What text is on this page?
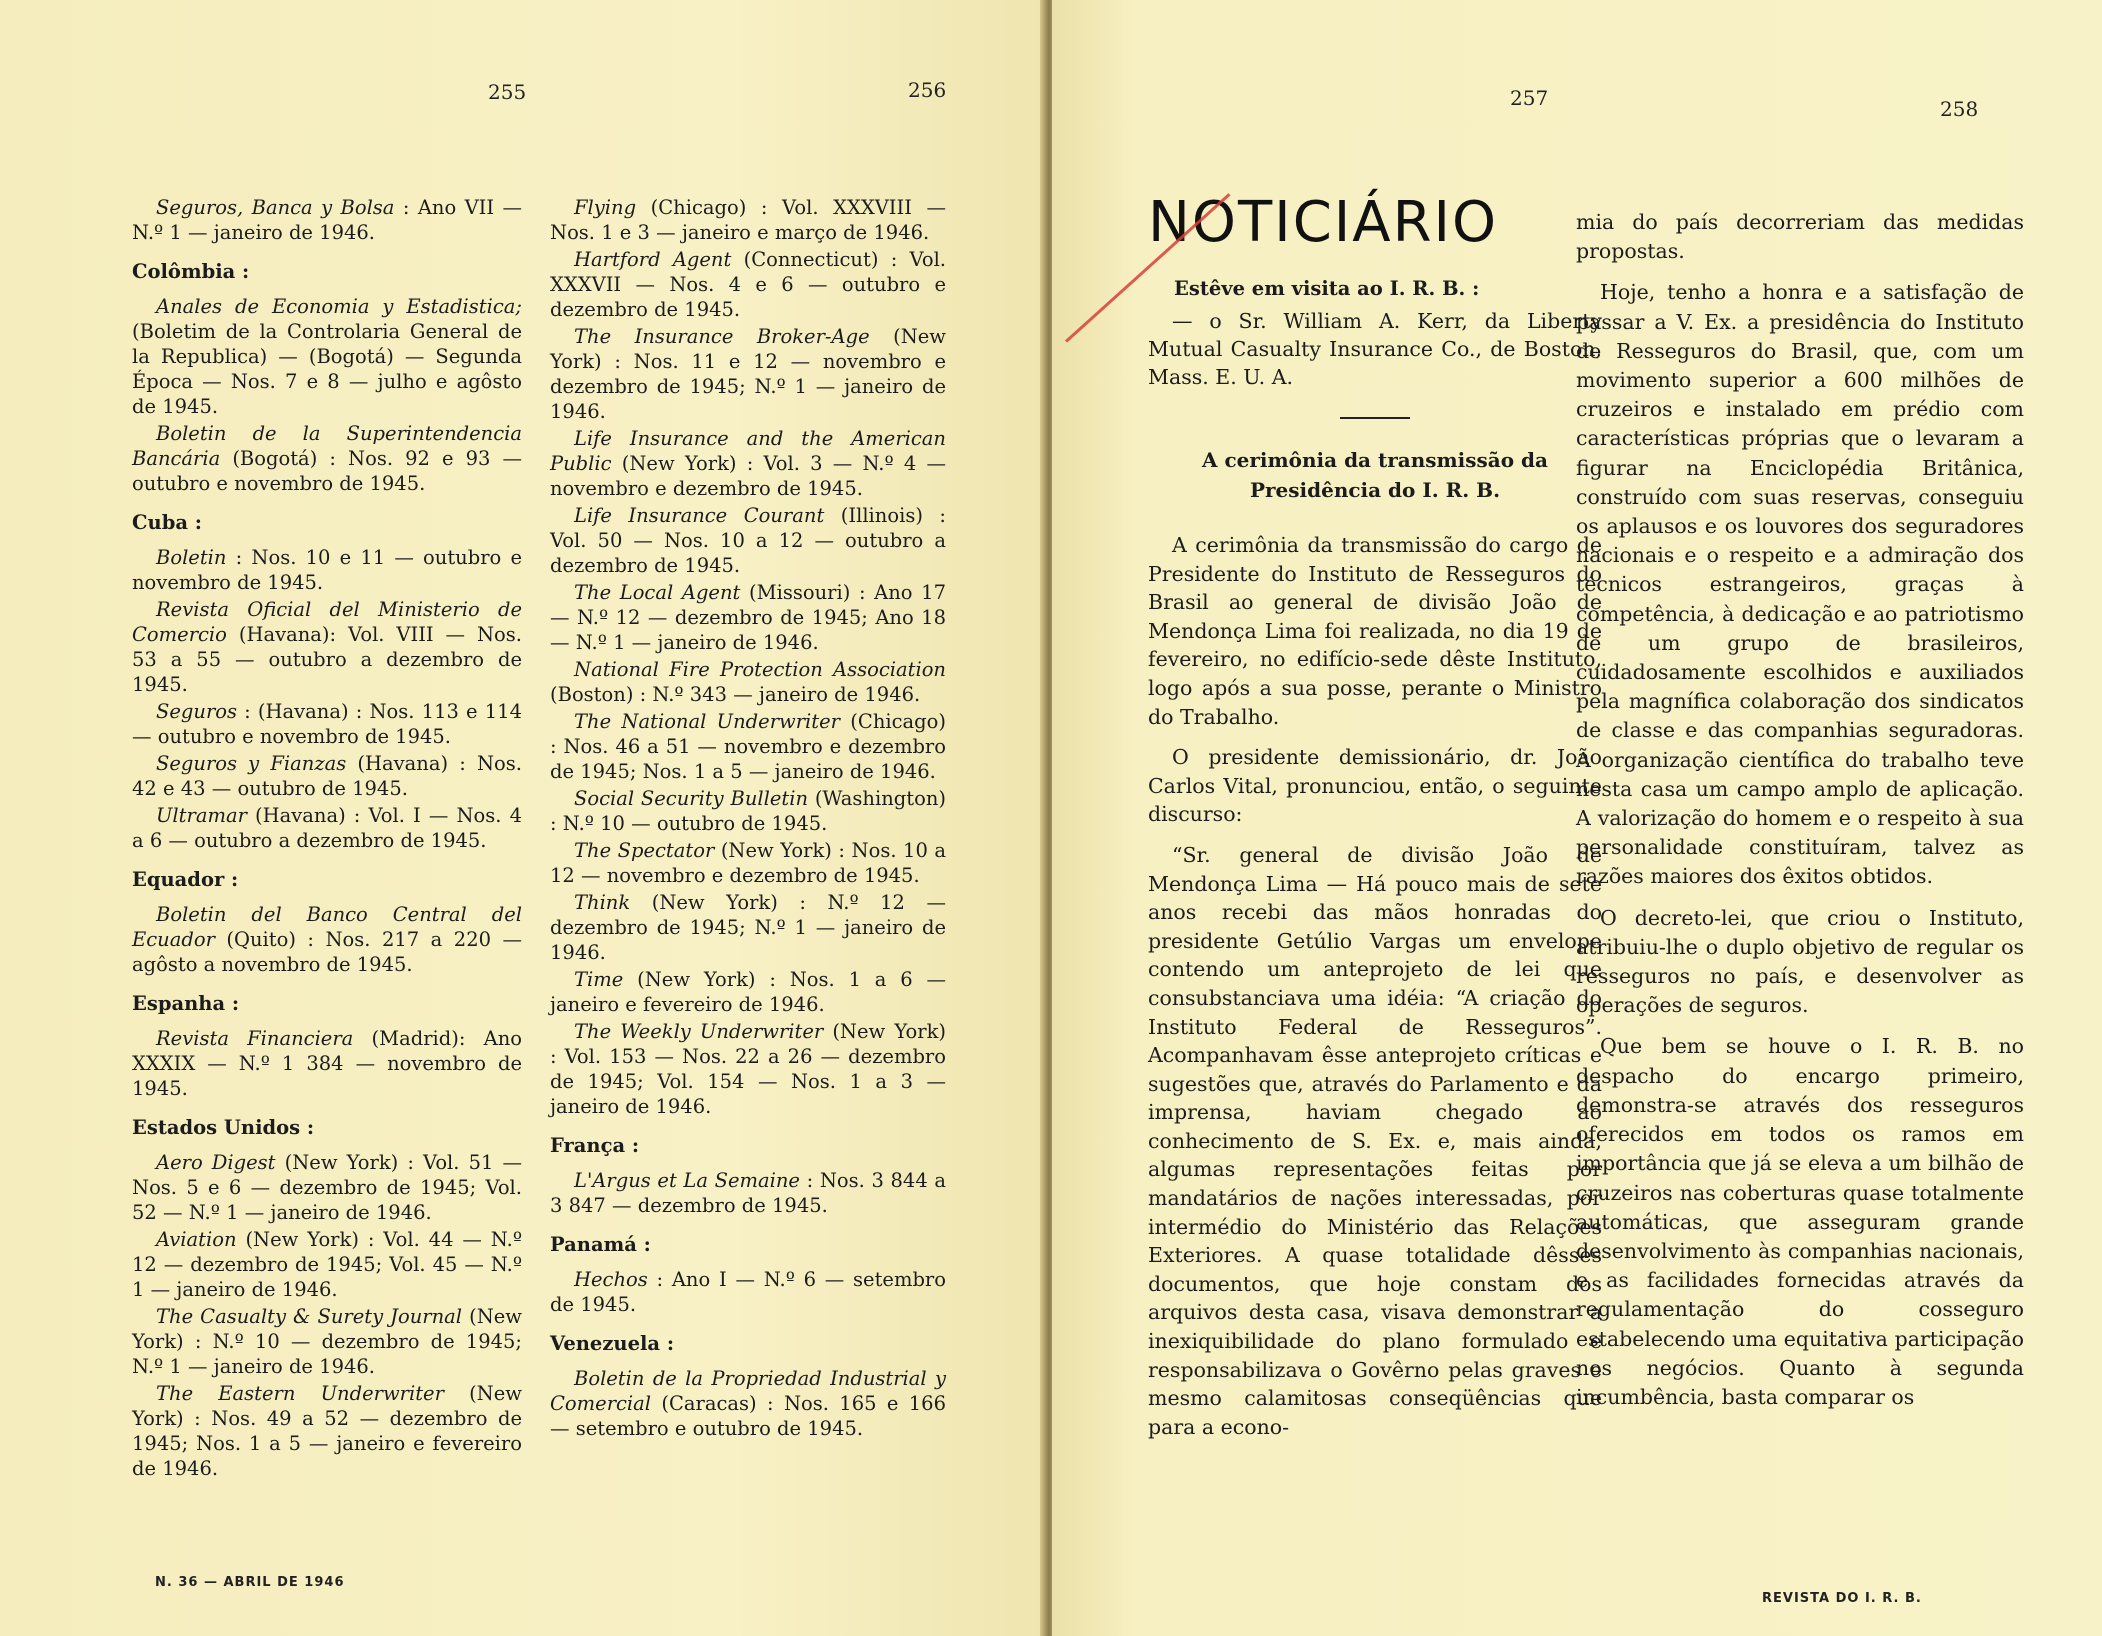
255	256
Seguros, Banca y Bolsa : Ano VII — N.º 1 — janeiro de 1946.
Colômbia :
Anales de Economia y Estadistica; (Boletim de la Controlaria General de la Republica) — (Bogotá) — Segunda Época — Nos. 7 e 8 — julho e agôsto de 1945.
Boletin de la Superintendencia Bancária (Bogotá) : Nos. 92 e 93 — outubro e novembro de 1945.
Cuba :
Boletin : Nos. 10 e 11 — outubro e novembro de 1945.
Revista Oficial del Ministerio de Comercio (Havana): Vol. VIII — Nos. 53 a 55 — outubro a dezembro de 1945.
Seguros : (Havana) : Nos. 113 e 114 — outubro e novembro de 1945.
Seguros y Fianzas (Havana) : Nos. 42 e 43 — outubro de 1945.
Ultramar (Havana) : Vol. I — Nos. 4 a 6 — outubro a dezembro de 1945.
Equador :
Boletin del Banco Central del Ecuador (Quito) : Nos. 217 a 220 — agôsto a novembro de 1945.
Espanha :
Revista Financiera (Madrid): Ano XXXIX — N.º 1 384 — novembro de 1945.
Estados Unidos :
Aero Digest (New York) : Vol. 51 — Nos. 5 e 6 — dezembro de 1945; Vol. 52 — N.º 1 — janeiro de 1946.
Aviation (New York) : Vol. 44 — N.º 12 — dezembro de 1945; Vol. 45 — N.º 1 — janeiro de 1946.
The Casualty & Surety Journal (New York) : N.º 10 — dezembro de 1945; N.º 1 — janeiro de 1946.
The Eastern Underwriter (New York) : Nos. 49 a 52 — dezembro de 1945; Nos. 1 a 5 — janeiro e fevereiro de 1946.
Flying (Chicago) : Vol. XXXVIII — Nos. 1 e 3 — janeiro e março de 1946.
Hartford Agent (Connecticut) : Vol. XXXVII — Nos. 4 e 6 — outubro e dezembro de 1945.
The Insurance Broker-Age (New York) : Nos. 11 e 12 — novembro e dezembro de 1945; N.º 1 — janeiro de 1946.
Life Insurance and the American Public (New York) : Vol. 3 — N.º 4 — novembro e dezembro de 1945.
Life Insurance Courant (Illinois) : Vol. 50 — Nos. 10 a 12 — outubro a dezembro de 1945.
The Local Agent (Missouri) : Ano 17 — N.º 12 — dezembro de 1945; Ano 18 — N.º 1 — janeiro de 1946.
National Fire Protection Association (Boston) : N.º 343 — janeiro de 1946.
The National Underwriter (Chicago) : Nos. 46 a 51 — novembro e dezembro de 1945; Nos. 1 a 5 — janeiro de 1946.
Social Security Bulletin (Washington) : N.º 10 — outubro de 1945.
The Spectator (New York) : Nos. 10 a 12 — novembro e dezembro de 1945.
Think (New York) : N.º 12 — dezembro de 1945; N.º 1 — janeiro de 1946.
Time (New York) : Nos. 1 a 6 — janeiro e fevereiro de 1946.
The Weekly Underwriter (New York) : Vol. 153 — Nos. 22 a 26 — dezembro de 1945; Vol. 154 — Nos. 1 a 3 — janeiro de 1946.
França :
L'Argus et La Semaine : Nos. 3 844 a 3 847 — dezembro de 1945.
Panamá :
Hechos : Ano I — N.º 6 — setembro de 1945.
Venezuela :
Boletin de la Propriedad Industrial y Comercial (Caracas) : Nos. 165 e 166 — setembro e outubro de 1945.
N. 36 — ABRIL DE 1946
257	258
NOTICIÁRIO
Estêve em visita ao I. R. B. :
— o Sr. William A. Kerr, da Liberty Mutual Casualty Insurance Co., de Boston, Mass. E. U. A.
A cerimônia da transmissão da Presidência do I. R. B.
A cerimônia da transmissão do cargo de Presidente do Instituto de Resseguros do Brasil ao general de divisão João de Mendonça Lima foi realizada, no dia 19 de fevereiro, no edifício-sede dêste Instituto, logo após a sua posse, perante o Ministro do Trabalho.
O presidente demissionário, dr. João Carlos Vital, pronunciou, então, o seguinte discurso:
“Sr. general de divisão João de Mendonça Lima — Há pouco mais de sete anos recebi das mãos honradas do presidente Getúlio Vargas um envelope contendo um anteprojeto de lei que consubstanciava uma idéia: “A criação do Instituto Federal de Resseguros”. Acompanhavam êsse anteprojeto críticas e sugestões que, através do Parlamento e da imprensa, haviam chegado ao conhecimento de S. Ex. e, mais ainda, algumas representações feitas por mandatários de nações interessadas, por intermédio do Ministério das Relações Exteriores. A quase totalidade dêsses documentos, que hoje constam dos arquivos desta casa, visava demonstrar a inexiquibilidade do plano formulado e responsabilizava o Govêrno pelas graves e mesmo calamitosas conseqüências que para a econo-
mia do país decorreriam das medidas propostas.
Hoje, tenho a honra e a satisfação de passar a V. Ex. a presidência do Instituto de Resseguros do Brasil, que, com um movimento superior a 600 milhões de cruzeiros e instalado em prédio com características próprias que o levaram a figurar na Enciclopédia Britânica, construído com suas reservas, conseguiu os aplausos e os louvores dos seguradores nacionais e o respeito e a admiração dos técnicos estrangeiros, graças à competência, à dedicação e ao patriotismo de um grupo de brasileiros, cuidadosamente escolhidos e auxiliados pela magnífica colaboração dos sindicatos de classe e das companhias seguradoras. A organização científica do trabalho teve nesta casa um campo amplo de aplicação. A valorização do homem e o respeito à sua personalidade constituíram, talvez as razões maiores dos êxitos obtidos.
O decreto-lei, que criou o Instituto, atribuiu-lhe o duplo objetivo de regular os resseguros no país, e desenvolver as operações de seguros.
Que bem se houve o I. R. B. no despacho do encargo primeiro, demonstra-se através dos resseguros oferecidos em todos os ramos em importância que já se eleva a um bilhão de cruzeiros nas coberturas quase totalmente automáticas, que asseguram grande desenvolvimento às companhias nacionais, e as facilidades fornecidas através da regulamentação do cosseguro estabelecendo uma equitativa participação nos negócios. Quanto à segunda incumbência, basta comparar os
REVISTA DO I. R. B.
